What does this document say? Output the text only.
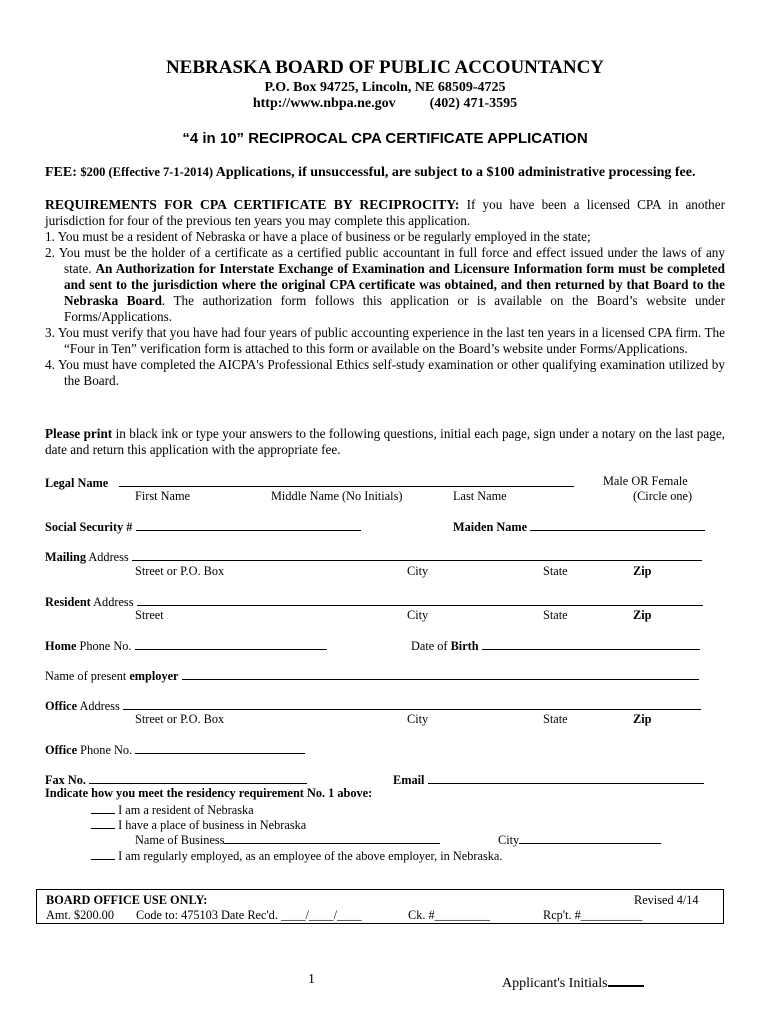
NEBRASKA BOARD OF PUBLIC ACCOUNTANCY
P.O. Box 94725, Lincoln, NE 68509-4725
http://www.nbpa.ne.gov (402) 471-3595
“4 in 10” RECIPROCAL CPA CERTIFICATE APPLICATION
FEE: $200 (Effective 7-1-2014) Applications, if unsuccessful, are subject to a $100 administrative processing fee.

REQUIREMENTS FOR CPA CERTIFICATE BY RECIPROCITY: If you have been a licensed CPA in another jurisdiction for four of the previous ten years you may complete this application.

1. You must be a resident of Nebraska or have a place of business or be regularly employed in the state;

2. You must be the holder of a certificate as a certified public accountant in full force and effect issued under the laws of any state. An Authorization for Interstate Exchange of Examination and Licensure Information form must be completed and sent to the jurisdiction where the original CPA certificate was obtained, and then returned by that Board to the Nebraska Board. The authorization form follows this application or is available on the Board’s website under Forms/Applications.

3. You must verify that you have had four years of public accounting experience in the last ten years in a licensed CPA firm. The “Four in Ten” verification form is attached to this form or available on the Board’s website under Forms/Applications.

4. You must have completed the AICPA's Professional Ethics self-study examination or other qualifying examination utilized by the Board.

Please print in black ink or type your answers to the following questions, initial each page, sign under a notary on the last page, date and return this application with the appropriate fee.

Legal Name	Male OR Female
First Name	Middle Name (No Initials)	Last Name	(Circle one)
Social Security #	Maiden Name
Mailing Address
Street or P.O. Box	City	State	Zip
Resident Address
Street	City	State	Zip
Home Phone No.	Date of Birth
Name of present employer
Office Address
Street or P.O. Box	City	State	Zip
Office Phone No.
Fax No.	Email
Indicate how you meet the residency requirement No. 1 above:
I am a resident of Nebraska
I have a place of business in Nebraska
Name of Business	City
I am regularly employed, as an employee of the above employer, in Nebraska.
BOARD OFFICE USE ONLY:	Revised 4/14
Amt. $200.00 Code to: 475103 Date Rec'd. ____/____/____	Ck. #_________	Rcp't. #__________
1	Applicant's Initials
